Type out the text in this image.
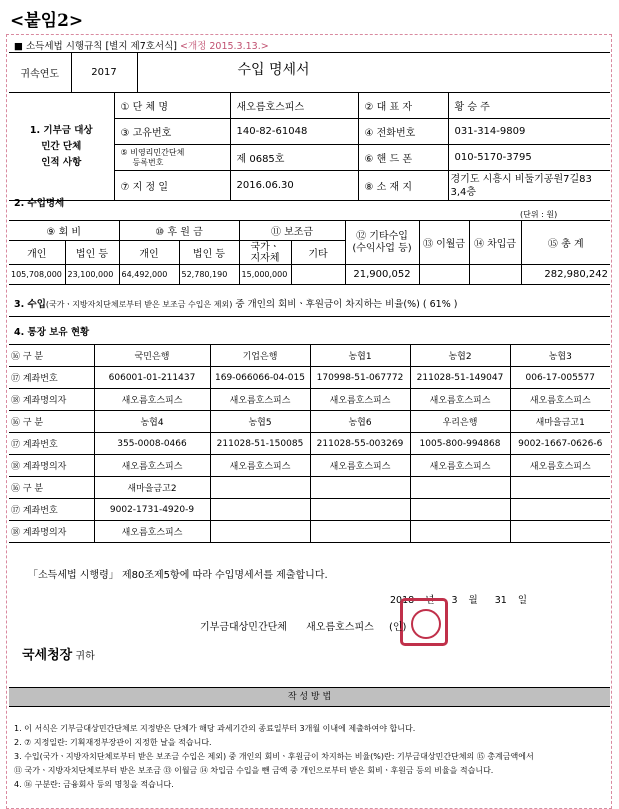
<붙임2>
■ 소득세법 시행규칙 [별지 제7호서식] <개정 2015.3.13.>
귀속연도	2017	수입 명세서
1. 기부금 대상
민간 단체
인적 사항	① 단 체 명	새오름호스피스	② 대 표 자	황 승 주
	③ 고유번호	140-82-61048	④ 전화번호	031-314-9809

	⑤ 비영리민간단체
등록번호	제 0685호	⑥ 핸 드 폰	010-5170-3795
	⑦ 지 정 일	2016.06.30	⑧ 소 재 지	경기도 시흥시 비둘기공원7길83
3,4층
2. 수입명세
(단위 : 원)
⑨ 회 비		⑩ 후 원 금		⑪ 보조금		⑫ 기타수입
(수익사업 등)	⑬ 이월금	⑭ 차입금	⑮ 총 계
개인	법인 등	개인	법인 등	국가ㆍ
지자체	기타				
105,708,000	23,100,000	64,492,000	52,780,190	15,000,000		21,900,052			282,980,242
3. 수입(국가ㆍ지방자치단체로부터 받은 보조금 수입은 제외) 중 개인의 회비ㆍ후원금이 차지하는 비율(%) ( 61% )
4. 통장 보유 현황
⑯ 구 분	국민은행	기업은행	농협1	농협2	농협3
⑰ 계좌번호	606001-01-211437	169-066066-04-015	170998-51-067772	211028-51-149047	006-17-005577
⑱ 계좌명의자	새오름호스피스	새오름호스피스	새오름호스피스	새오름호스피스	새오름호스피스
⑯ 구 분	농협4	농협5	농협6	우리은행	새마을금고1
⑰ 계좌번호	355-0008-0466	211028-51-150085	211028-55-003269	1005-800-994868	9002-1667-0626-6
⑱ 계좌명의자	새오름호스피스	새오름호스피스	새오름호스피스	새오름호스피스	새오름호스피스
⑯ 구 분	새마을금고2				
⑰ 계좌번호	9002-1731-4920-9				
⑱ 계좌명의자	새오름호스피스				
「소득세법 시행령」 제80조제5항에 따라 수입명세서를 제출합니다.
2018 년 3 월 31 일
기부금대상민간단체 새오름호스피스 (인)
국세청장 귀하
작 성 방 법
1. 이 서식은 기부금대상민간단체로 지정받은 단체가 해당 과세기간의 종료일부터 3개월 이내에 제출하여야 합니다.
2. ⑦ 지정일란: 기획재정부장관이 지정한 날을 적습니다.
3. 수입(국가ㆍ지방자치단체로부터 받은 보조금 수입은 제외) 중 개인의 회비ㆍ후원금이 차지하는 비율(%)란: 기부금대상민간단체의 ⑮ 총계금액에서
⑪ 국가ㆍ지방자치단체로부터 받은 보조금 ⑬ 이월금 ⑭ 차입금 수입을 뺀 금액 중 개인으로부터 받은 회비ㆍ후원금 등의 비율을 적습니다.
4. ⑯ 구분란: 금융회사 등의 명칭을 적습니다.
